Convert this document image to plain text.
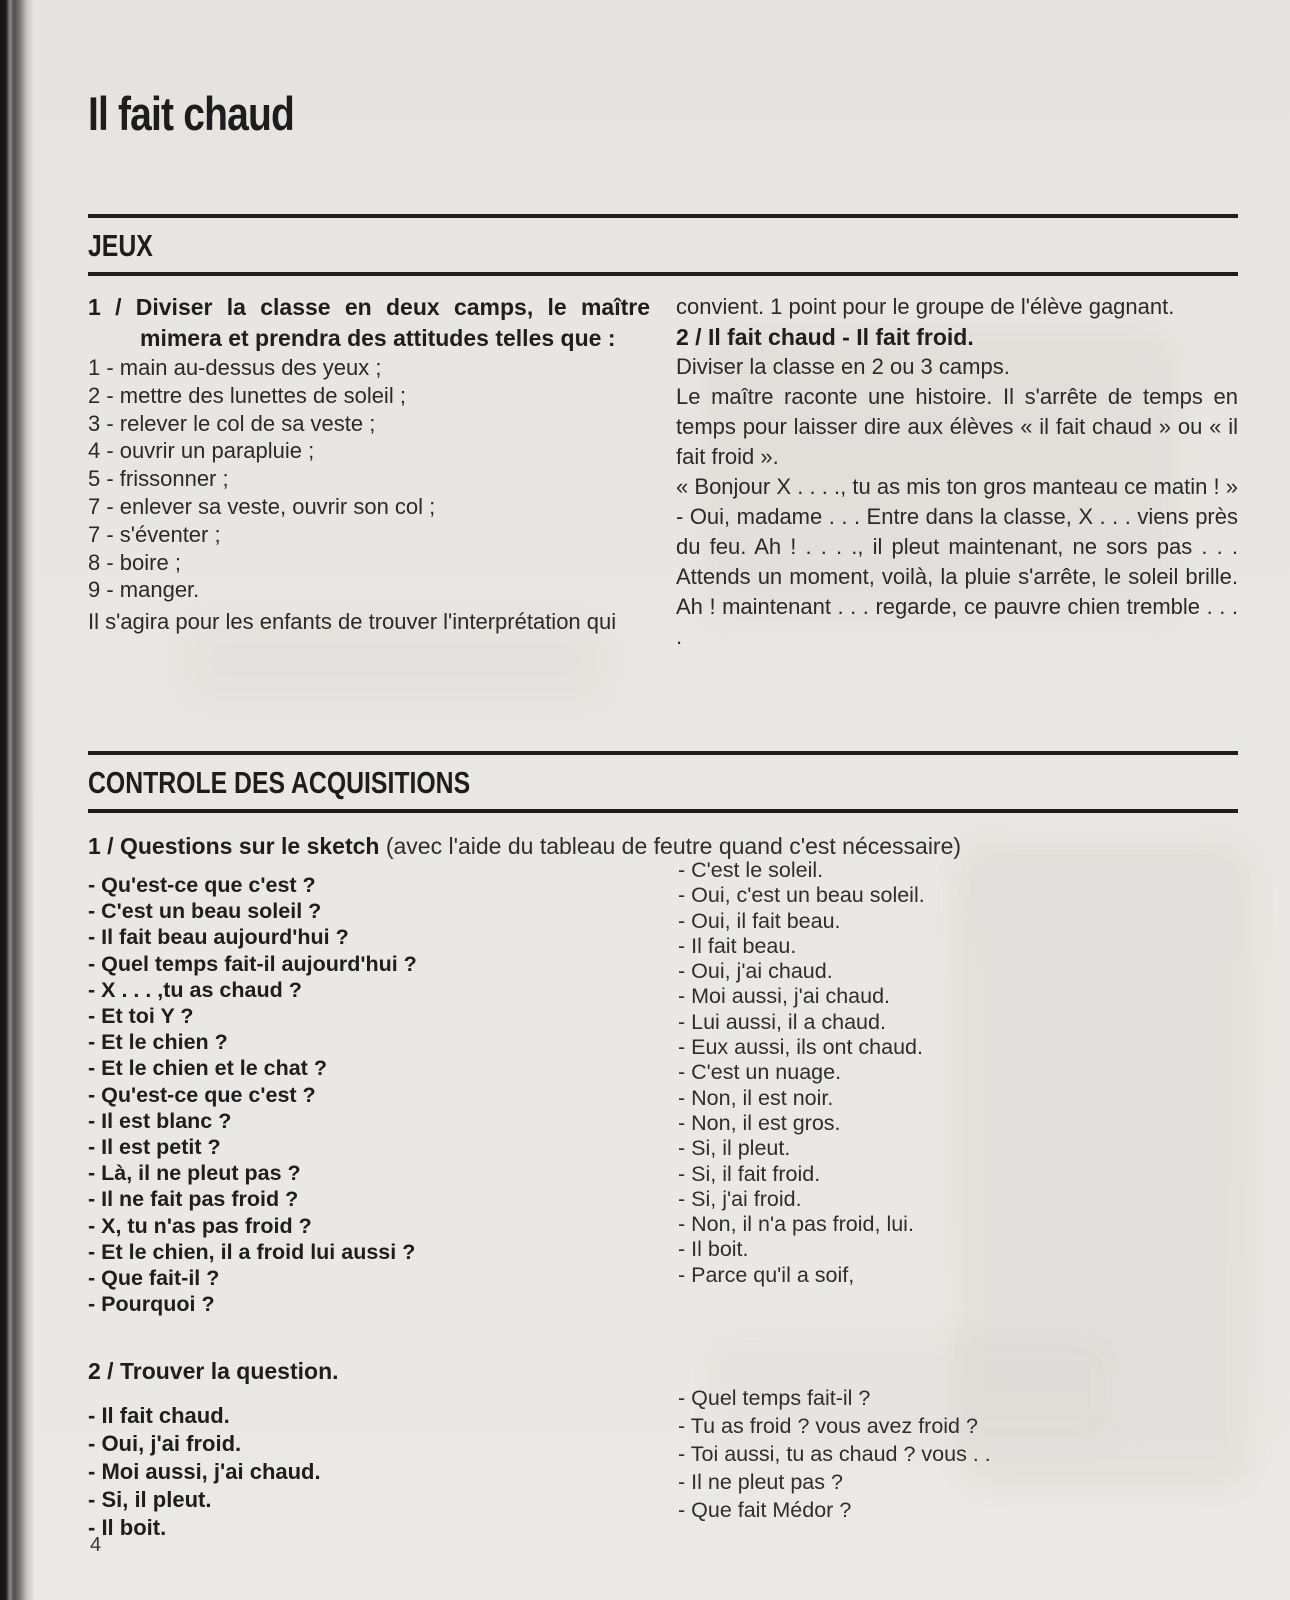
Il fait chaud
JEUX
1 / Diviser la classe en deux camps, le maître mimera et prendra des attitudes telles que :
1 - main au-dessus des yeux ;
2 - mettre des lunettes de soleil ;
3 - relever le col de sa veste ;
4 - ouvrir un parapluie ;
5 - frissonner ;
7 - enlever sa veste, ouvrir son col ;
7 - s'éventer ;
8 - boire ;
9 - manger.

Il s'agira pour les enfants de trouver l'interprétation qui

convient. 1 point pour le groupe de l'élève gagnant.

2 / Il fait chaud - Il fait froid.

Diviser la classe en 2 ou 3 camps.

Le maître raconte une histoire. Il s'arrête de temps en temps pour laisser dire aux élèves « il fait chaud » ou « il fait froid ».

« Bonjour X . . . ., tu as mis ton gros manteau ce matin ! » - Oui, madame . . . Entre dans la classe, X . . . viens près du feu. Ah ! . . . ., il pleut maintenant, ne sors pas . . . Attends un moment, voilà, la pluie s'arrête, le soleil brille. Ah ! maintenant . . . regarde, ce pauvre chien tremble . . . .

CONTROLE DES ACQUISITIONS
1 / Questions sur le sketch (avec l'aide du tableau de feutre quand c'est nécessaire)
- Qu'est-ce que c'est ?
- C'est un beau soleil ?
- Il fait beau aujourd'hui ?
- Quel temps fait-il aujourd'hui ?
- X . . . ,tu as chaud ?
- Et toi Y ?
- Et le chien ?
- Et le chien et le chat ?
- Qu'est-ce que c'est ?
- Il est blanc ?
- Il est petit ?
- Là, il ne pleut pas ?
- Il ne fait pas froid ?
- X, tu n'as pas froid ?
- Et le chien, il a froid lui aussi ?
- Que fait-il ?
- Pourquoi ?
- C'est le soleil.
- Oui, c'est un beau soleil.
- Oui, il fait beau.
- Il fait beau.
- Oui, j'ai chaud.
- Moi aussi, j'ai chaud.
- Lui aussi, il a chaud.
- Eux aussi, ils ont chaud.
- C'est un nuage.
- Non, il est noir.
- Non, il est gros.
- Si, il pleut.
- Si, il fait froid.
- Si, j'ai froid.
- Non, il n'a pas froid, lui.
- Il boit.
- Parce qu'il a soif,
2 / Trouver la question.
- Il fait chaud.
- Oui, j'ai froid.
- Moi aussi, j'ai chaud.
- Si, il pleut.
- Il boit.
- Quel temps fait-il ?
- Tu as froid ? vous avez froid ?
- Toi aussi, tu as chaud ? vous . .
- Il ne pleut pas ?
- Que fait Médor ?
4
